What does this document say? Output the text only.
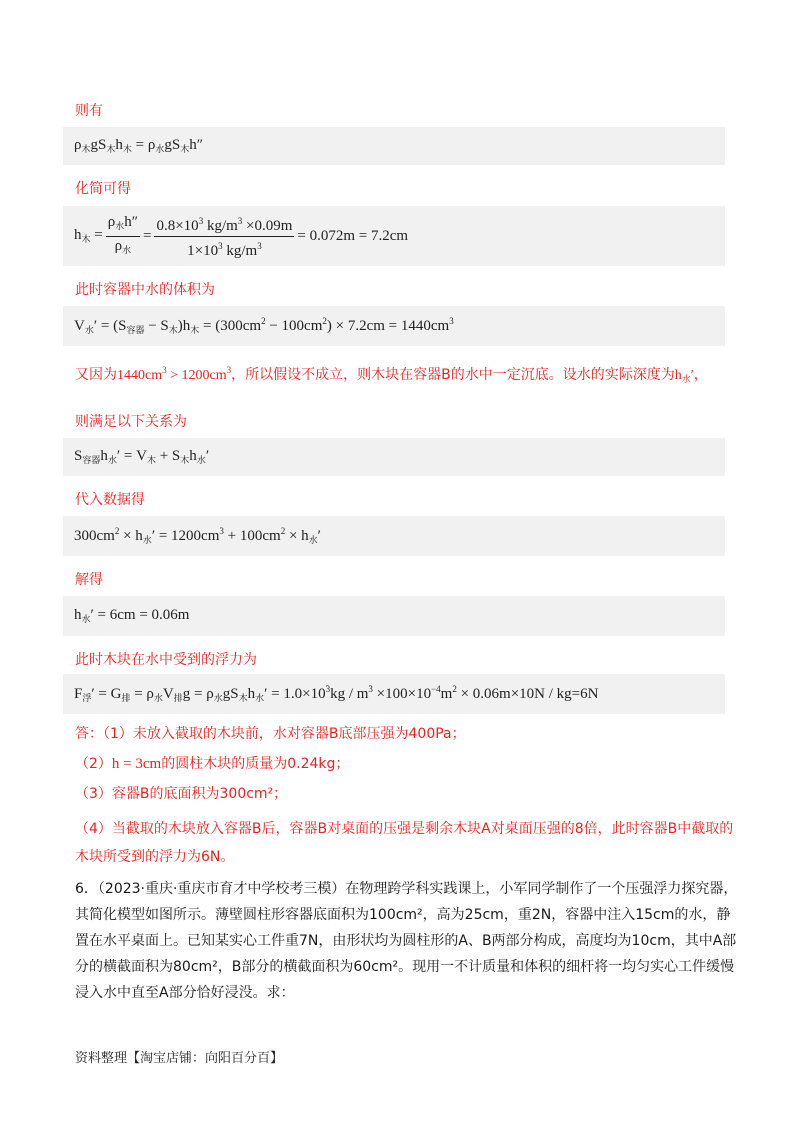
则有
$\rho_木gS_木h_木 = \rho_水gS_木h''$
化简可得
$h_木 = \frac{\rho_水h''}{\rho_水} = \frac{0.8\times 10^3 kg/m^3 \times 0.09m}{1\times 10^3 kg/m^3} = 0.072m = 7.2cm$
此时容器中水的体积为
$V_水' = (S_{容器} - S_木)h_木 = (300cm^2 - 100cm^2) \times 7.2cm = 1440cm^3$
又因为$1440cm^3 > 1200cm^3$，所以假设不成立，则木块在容器B的水中一定沉底。设水的实际深度为$h_水'$，
则满足以下关系为
$S_{容器}h_水' = V_木 + S_木h_水'$
代入数据得
$300cm^2 \times h_水' = 1200cm^3 + 100cm^2 \times h_水'$
解得
$h_水' = 6cm = 0.06m$
此时木块在水中受到的浮力为
$F_浮' = G_排 = \rho_水V_排g = \rho_水gS_木h_水' = 1.0\times 10^3kg / m^3 \times 100\times 10^{-4}m^2 \times 0.06m\times 10N / kg=6N$
答：（1）未放入截取的木块前，水对容器B底部压强为400Pa；
（2）h = 3cm的圆柱木块的质量为0.24kg；
（3）容器B的底面积为300cm²；
（4）当截取的木块放入容器B后，容器B对桌面的压强是剩余木块A对桌面压强的8倍，此时容器B中截取的木块所受到的浮力为6N。
6．（2023·重庆·重庆市育才中学校考三模）在物理跨学科实践课上，小军同学制作了一个压强浮力探究器，其简化模型如图所示。薄壁圆柱形容器底面积为100cm²，高为25cm，重2N，容器中注入15cm的水，静置在水平桌面上。已知某实心工件重7N，由形状均为圆柱形的A、B两部分构成，高度均为10cm，其中A部分的横截面积为80cm²，B部分的横截面积为60cm²。现用一不计质量和体积的细杆将一均匀实心工件缓慢浸入水中直至A部分恰好浸没。求：
资料整理【淘宝店铺：向阳百分百】
